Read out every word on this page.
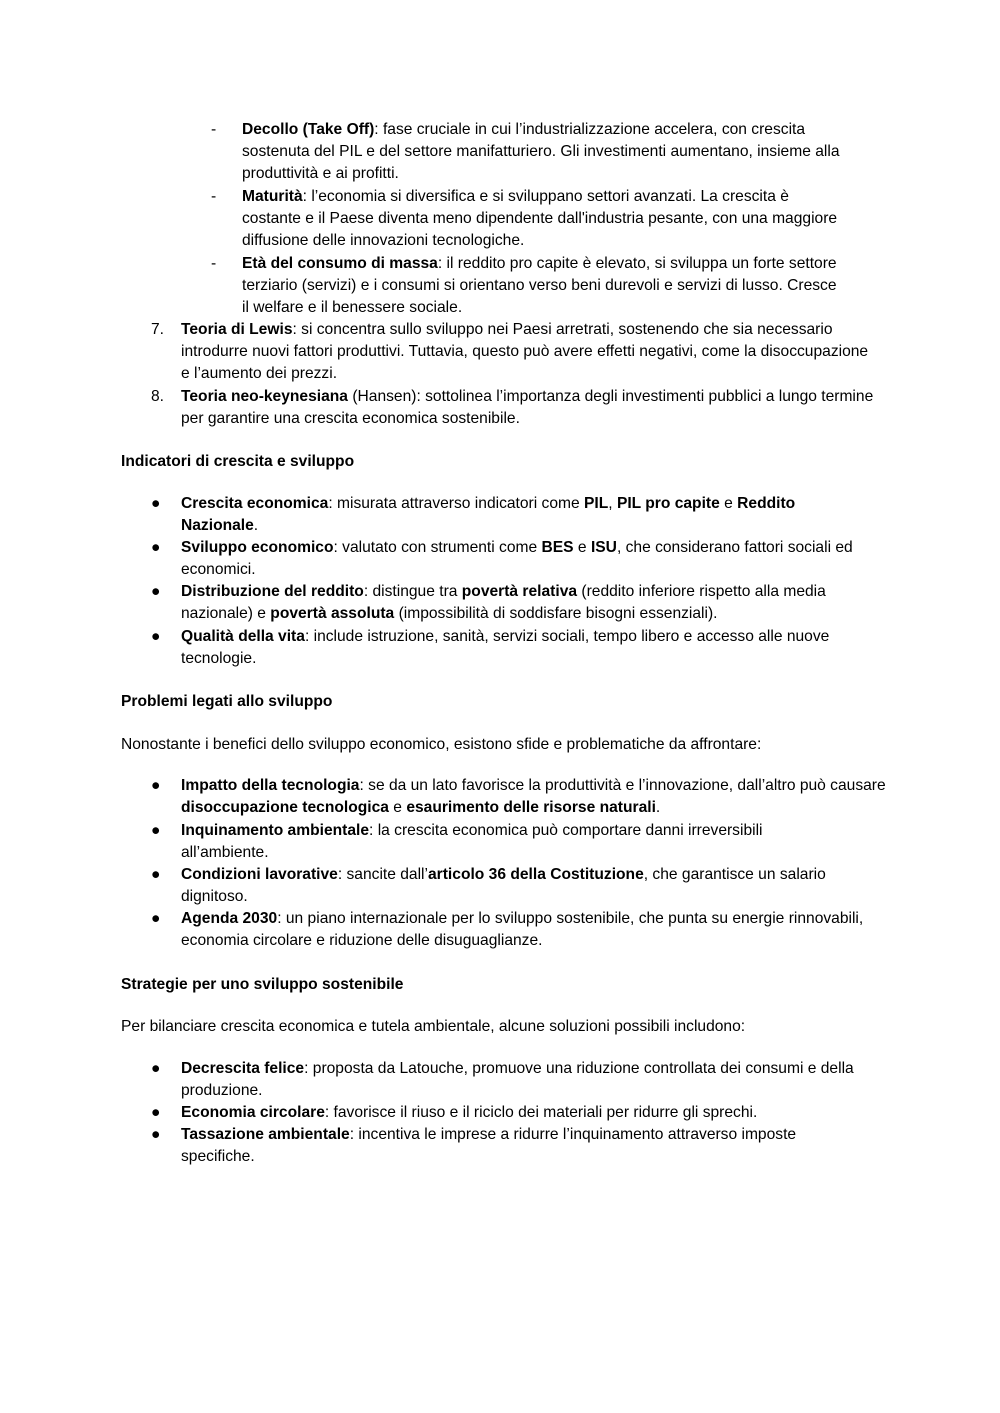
- Decollo (Take Off): fase cruciale in cui l’industrializzazione accelera, con crescita sostenuta del PIL e del settore manifatturiero. Gli investimenti aumentano, insieme alla produttività e ai profitti.
- Maturità: l’economia si diversifica e si sviluppano settori avanzati. La crescita è costante e il Paese diventa meno dipendente dall'industria pesante, con una maggiore diffusione delle innovazioni tecnologiche.
- Età del consumo di massa: il reddito pro capite è elevato, si sviluppa un forte settore terziario (servizi) e i consumi si orientano verso beni durevoli e servizi di lusso. Cresce il welfare e il benessere sociale.
7. Teoria di Lewis: si concentra sullo sviluppo nei Paesi arretrati, sostenendo che sia necessario introdurre nuovi fattori produttivi. Tuttavia, questo può avere effetti negativi, come la disoccupazione e l’aumento dei prezzi.
8. Teoria neo-keynesiana (Hansen): sottolinea l’importanza degli investimenti pubblici a lungo termine per garantire una crescita economica sostenibile.
Indicatori di crescita e sviluppo
● Crescita economica: misurata attraverso indicatori come PIL, PIL pro capite e Reddito Nazionale.
● Sviluppo economico: valutato con strumenti come BES e ISU, che considerano fattori sociali ed economici.
● Distribuzione del reddito: distingue tra povertà relativa (reddito inferiore rispetto alla media nazionale) e povertà assoluta (impossibilità di soddisfare bisogni essenziali).
● Qualità della vita: include istruzione, sanità, servizi sociali, tempo libero e accesso alle nuove tecnologie.
Problemi legati allo sviluppo
Nonostante i benefici dello sviluppo economico, esistono sfide e problematiche da affrontare:
● Impatto della tecnologia: se da un lato favorisce la produttività e l’innovazione, dall’altro può causare disoccupazione tecnologica e esaurimento delle risorse naturali.
● Inquinamento ambientale: la crescita economica può comportare danni irreversibili all’ambiente.
● Condizioni lavorative: sancite dall’articolo 36 della Costituzione, che garantisce un salario dignitoso.
● Agenda 2030: un piano internazionale per lo sviluppo sostenibile, che punta su energie rinnovabili, economia circolare e riduzione delle disuguaglianze.
Strategie per uno sviluppo sostenibile
Per bilanciare crescita economica e tutela ambientale, alcune soluzioni possibili includono:
● Decrescita felice: proposta da Latouche, promuove una riduzione controllata dei consumi e della produzione.
● Economia circolare: favorisce il riuso e il riciclo dei materiali per ridurre gli sprechi.
● Tassazione ambientale: incentiva le imprese a ridurre l’inquinamento attraverso imposte specifiche.
